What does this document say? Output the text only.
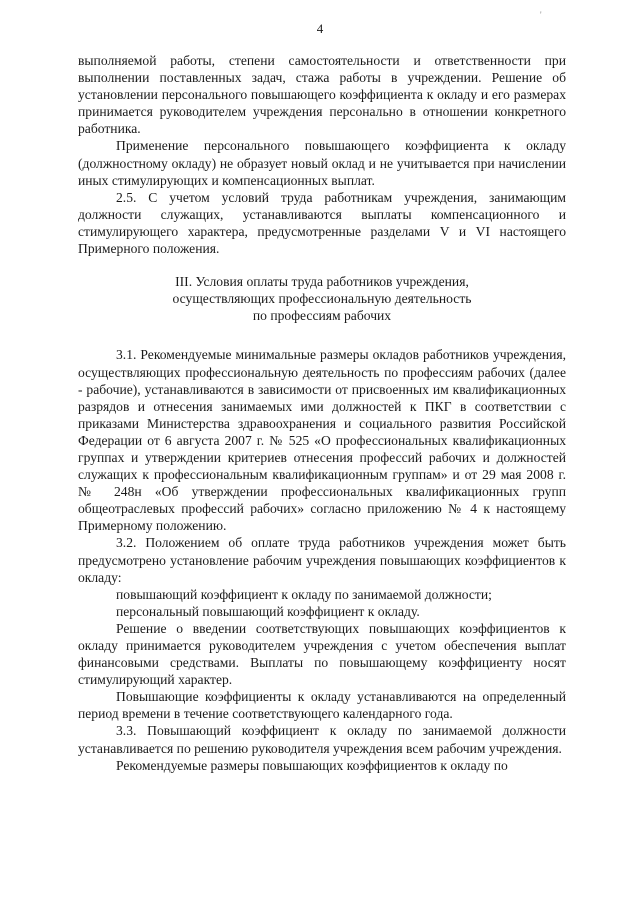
'
4

выполняемой работы, степени самостоятельности и ответственности при выполнении поставленных задач, стажа работы в учреждении. Решение об установлении персонального повышающего коэффициента к окладу и его размерах принимается руководителем учреждения персонально в отношении конкретного работника.

Применение персонального повышающего коэффициента к окладу (должностному окладу) не образует новый оклад и не учитывается при начислении иных стимулирующих и компенсационных выплат.

2.5. С учетом условий труда работникам учреждения, занимающим должности служащих, устанавливаются выплаты компенсационного и стимулирующего характера, предусмотренные разделами V и VI настоящего Примерного положения.

III. Условия оплаты труда работников учреждения,

осуществляющих профессиональную деятельность

по профессиям рабочих

3.1. Рекомендуемые минимальные размеры окладов работников учреждения, осуществляющих профессиональную деятельность по профессиям рабочих (далее - рабочие), устанавливаются в зависимости от присвоенных им квалификационных разрядов и отнесения занимаемых ими должностей к ПКГ в соответствии с приказами Министерства здравоохранения и социального развития Российской Федерации от 6 августа 2007 г. № 525 «О профессиональных квалификационных группах и утверждении критериев отнесения профессий рабочих и должностей служащих к профессиональным квалификационным группам» и от 29 мая 2008 г. № 248н «Об утверждении профессиональных квалификационных групп общеотраслевых профессий рабочих» согласно приложению № 4 к настоящему Примерному положению.

3.2. Положением об оплате труда работников учреждения может быть предусмотрено установление рабочим учреждения повышающих коэффициентов к окладу:

повышающий коэффициент к окладу по занимаемой должности;

персональный повышающий коэффициент к окладу.

Решение о введении соответствующих повышающих коэффициентов к окладу принимается руководителем учреждения с учетом обеспечения выплат финансовыми средствами. Выплаты по повышающему коэффициенту носят стимулирующий характер.

Повышающие коэффициенты к окладу устанавливаются на определенный период времени в течение соответствующего календарного года.

3.3. Повышающий коэффициент к окладу по занимаемой должности устанавливается по решению руководителя учреждения всем рабочим учреждения.

Рекомендуемые размеры повышающих коэффициентов к окладу по
